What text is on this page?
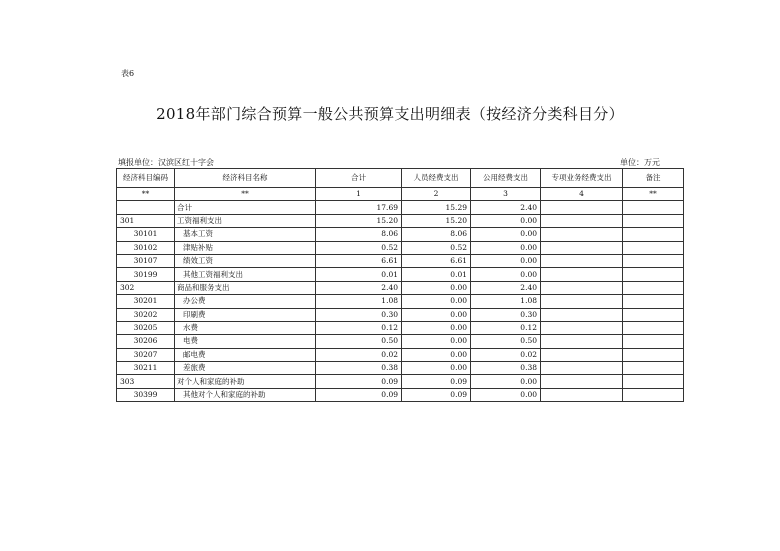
表6
2018年部门综合预算一般公共预算支出明细表（按经济分类科目分）
填报单位：汉滨区红十字会	单位：万元
经济科目编码	经济科目名称	合计	人员经费支出	公用经费支出	专项业务经费支出	备注
**	**	1	2	3	4	**
	合计	17.69	15.29	2.40		
301	工资福利支出	15.20	15.20	0.00		
30101	基本工资	8.06	8.06	0.00		
30102	津贴补贴	0.52	0.52	0.00		
30107	绩效工资	6.61	6.61	0.00		
30199	其他工资福利支出	0.01	0.01	0.00		
302	商品和服务支出	2.40	0.00	2.40		
30201	办公费	1.08	0.00	1.08		
30202	印刷费	0.30	0.00	0.30		
30205	水费	0.12	0.00	0.12		
30206	电费	0.50	0.00	0.50		
30207	邮电费	0.02	0.00	0.02		
30211	差旅费	0.38	0.00	0.38		
303	对个人和家庭的补助	0.09	0.09	0.00		
30399	其他对个人和家庭的补助	0.09	0.09	0.00		
